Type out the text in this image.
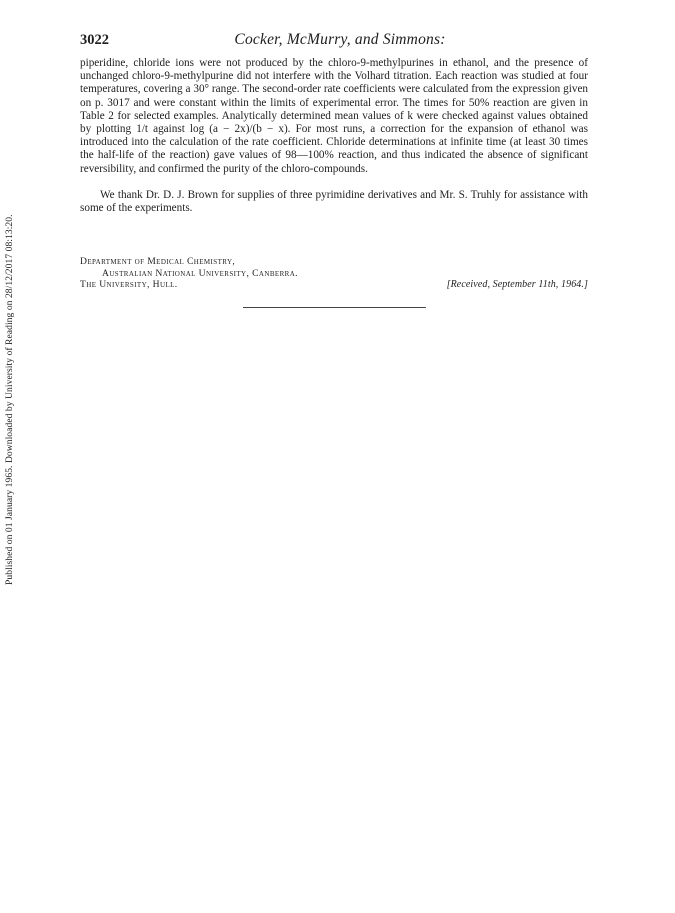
Published on 01 January 1965. Downloaded by University of Reading on 28/12/2017 08:13:20.
3022	Cocker, McMurry, and Simmons:

piperidine, chloride ions were not produced by the chloro-9-methylpurines in ethanol, and the presence of unchanged chloro-9-methylpurine did not interfere with the Volhard titration. Each reaction was studied at four temperatures, covering a 30° range. The second-order rate coefficients were calculated from the expression given on p. 3017 and were constant within the limits of experimental error. The times for 50% reaction are given in Table 2 for selected examples. Analytically determined mean values of k were checked against values obtained by plotting 1/t against log (a − 2x)/(b − x). For most runs, a correction for the expansion of ethanol was introduced into the calculation of the rate coefficient. Chloride determinations at infinite time (at least 30 times the half-life of the reaction) gave values of 98—100% reaction, and thus indicated the absence of significant reversibility, and confirmed the purity of the chloro-compounds.

We thank Dr. D. J. Brown for supplies of three pyrimidine derivatives and Mr. S. Truhly for assistance with some of the experiments.

Department of Medical Chemistry,
Australian National University, Canberra.
The University, Hull.	[Received, September 11th, 1964.]
